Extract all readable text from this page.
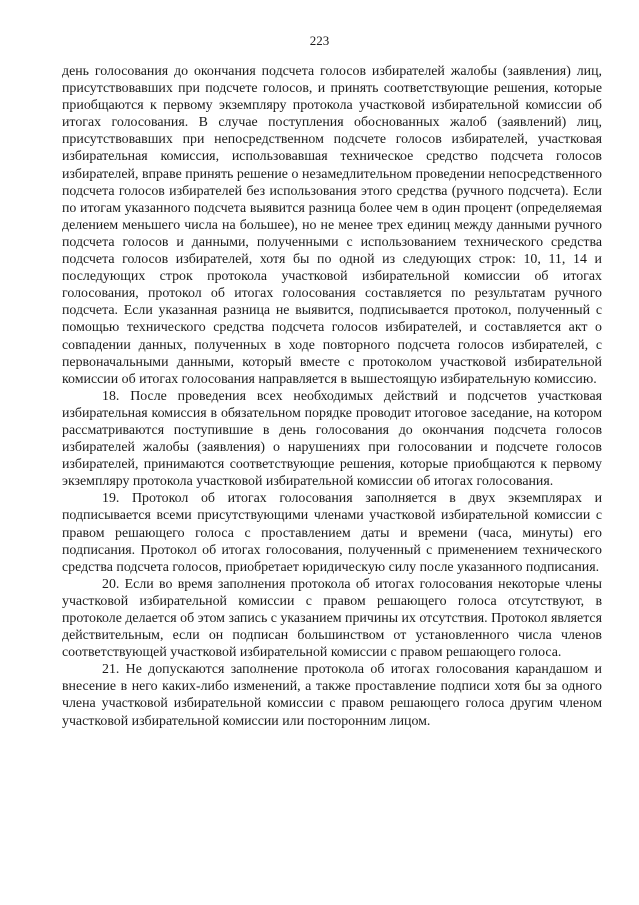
223

день голосования до окончания подсчета голосов избирателей жалобы (заявления) лиц, присутствовавших при подсчете голосов, и принять соответствующие решения, которые приобщаются к первому экземпляру протокола участковой избирательной комиссии об итогах голосования. В случае поступления обоснованных жалоб (заявлений) лиц, присутствовавших при непосредственном подсчете голосов избирателей, участковая избирательная комиссия, использовавшая техническое средство подсчета голосов избирателей, вправе принять решение о незамедлительном проведении непосредственного подсчета голосов избирателей без использования этого средства (ручного подсчета). Если по итогам указанного подсчета выявится разница более чем в один процент (определяемая делением меньшего числа на большее), но не менее трех единиц между данными ручного подсчета голосов и данными, полученными с использованием технического средства подсчета голосов избирателей, хотя бы по одной из следующих строк: 10, 11, 14 и последующих строк протокола участковой избирательной комиссии об итогах голосования, протокол об итогах голосования составляется по результатам ручного подсчета. Если указанная разница не выявится, подписывается протокол, полученный с помощью технического средства подсчета голосов избирателей, и составляется акт о совпадении данных, полученных в ходе повторного подсчета голосов избирателей, с первоначальными данными, который вместе с протоколом участковой избирательной комиссии об итогах голосования направляется в вышестоящую избирательную комиссию.

18. После проведения всех необходимых действий и подсчетов участковая избирательная комиссия в обязательном порядке проводит итоговое заседание, на котором рассматриваются поступившие в день голосования до окончания подсчета голосов избирателей жалобы (заявления) о нарушениях при голосовании и подсчете голосов избирателей, принимаются соответствующие решения, которые приобщаются к первому экземпляру протокола участковой избирательной комиссии об итогах голосования.

19. Протокол об итогах голосования заполняется в двух экземплярах и подписывается всеми присутствующими членами участковой избирательной комиссии с правом решающего голоса с проставлением даты и времени (часа, минуты) его подписания. Протокол об итогах голосования, полученный с применением технического средства подсчета голосов, приобретает юридическую силу после указанного подписания.

20. Если во время заполнения протокола об итогах голосования некоторые члены участковой избирательной комиссии с правом решающего голоса отсутствуют, в протоколе делается об этом запись с указанием причины их отсутствия. Протокол является действительным, если он подписан большинством от установленного числа членов соответствующей участковой избирательной комиссии с правом решающего голоса.

21. Не допускаются заполнение протокола об итогах голосования карандашом и внесение в него каких-либо изменений, а также проставление подписи хотя бы за одного члена участковой избирательной комиссии с правом решающего голоса другим членом участковой избирательной комиссии или посторонним лицом.
